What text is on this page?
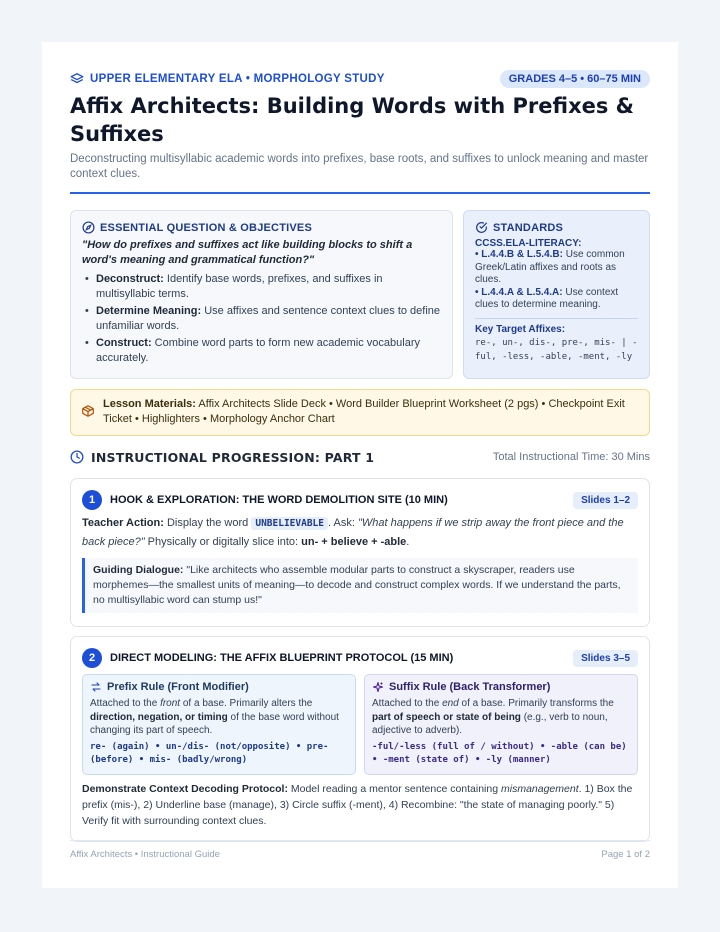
UPPER ELEMENTARY ELA • MORPHOLOGY STUDY	GRADES 4–5 • 60–75 MIN
Affix Architects: Building Words with Prefixes & Suffixes

Deconstructing multisyllabic academic words into prefixes, base roots, and suffixes to unlock meaning and master context clues.

ESSENTIAL QUESTION & OBJECTIVES

"How do prefixes and suffixes act like building blocks to shift a word's meaning and grammatical function?"

• Deconstruct: Identify base words, prefixes, and suffixes in multisyllabic terms.
• Determine Meaning: Use affixes and sentence context clues to define unfamiliar words.
• Construct: Combine word parts to form new academic vocabulary accurately.
STANDARDS
CCSS.ELA-LITERACY:
• L.4.4.B & L.5.4.B: Use common Greek/Latin affixes and roots as clues.
• L.4.4.A & L.5.4.A: Use context clues to determine meaning.
Key Target Affixes:
re-, un-, dis-, pre-, mis- | -ful, -less, -able, -ment, -ly

Lesson Materials: Affix Architects Slide Deck • Word Builder Blueprint Worksheet (2 pgs) • Checkpoint Exit Ticket • Highlighters • Morphology Anchor Chart

INSTRUCTIONAL PROGRESSION: PART 1	Total Instructional Time: 30 Mins
1	HOOK & EXPLORATION: THE WORD DEMOLITION SITE (10 MIN)	Slides 1–2

Teacher Action: Display the word UNBELIEVABLE . Ask: "What happens if we strip away the front piece and the back piece?" Physically or digitally slice into: un- + believe + -able.

Guiding Dialogue: "Like architects who assemble modular parts to construct a skyscraper, readers use morphemes—the smallest units of meaning—to decode and construct complex words. If we understand the parts, no multisyllabic word can stump us!"
2	DIRECT MODELING: THE AFFIX BLUEPRINT PROTOCOL (15 MIN)	Slides 3–5
Prefix Rule (Front Modifier)

Attached to the front of a base. Primarily alters the direction, negation, or timing of the base word without changing its part of speech.

re- (again) • un-/dis- (not/opposite) • pre- (before) • mis- (badly/wrong)
Suffix Rule (Back Transformer)

Attached to the end of a base. Primarily transforms the part of speech or state of being (e.g., verb to noun, adjective to adverb).

-ful/-less (full of / without) • -able (can be) • -ment (state of) • -ly (manner)

Demonstrate Context Decoding Protocol: Model reading a mentor sentence containing mismanagement. 1) Box the prefix (mis-), 2) Underline base (manage), 3) Circle suffix (-ment), 4) Recombine: "the state of managing poorly." 5) Verify fit with surrounding context clues.

Affix Architects • Instructional Guide	Page 1 of 2
